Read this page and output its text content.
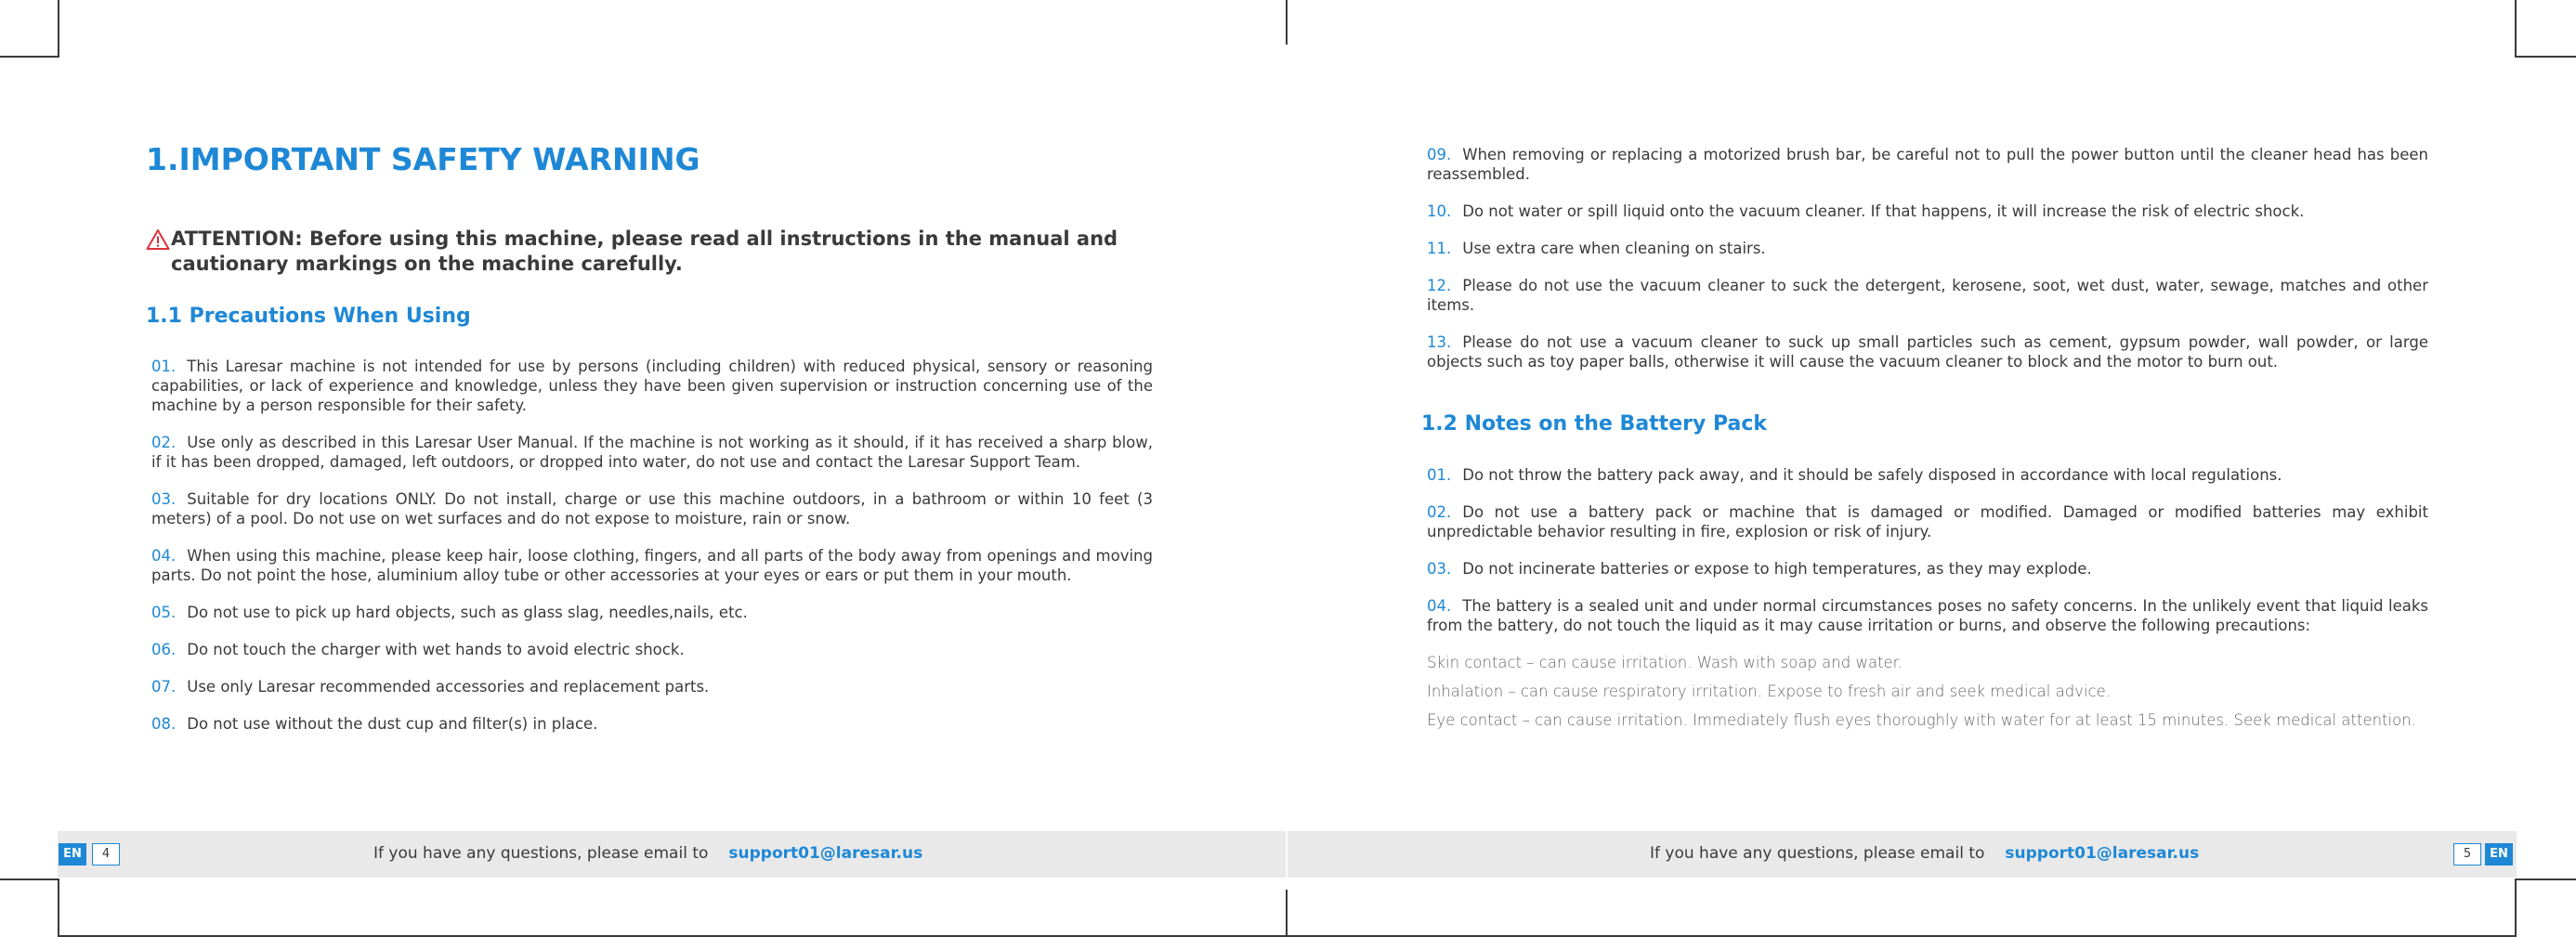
1.IMPORTANT SAFETY WARNING
ATTENTION: Before using this machine, please read all instructions in the manual and
cautionary markings on the machine carefully.
1.1 Precautions When Using

01. This Laresar machine is not intended for use by persons (including children) with reduced physical, sensory or reasoning capabilities, or lack of experience and knowledge, unless they have been given supervision or instruction concerning use of the machine by a person responsible for their safety.

02. Use only as described in this Laresar User Manual. If the machine is not working as it should, if it has received a sharp blow, if it has been dropped, damaged, left outdoors, or dropped into water, do not use and contact the Laresar Support Team.

03. Suitable for dry locations ONLY. Do not install, charge or use this machine outdoors, in a bathroom or within 10 feet (3 meters) of a pool. Do not use on wet surfaces and do not expose to moisture, rain or snow.

04. When using this machine, please keep hair, loose clothing, fingers, and all parts of the body away from openings and moving parts. Do not point the hose, aluminium alloy tube or other accessories at your eyes or ears or put them in your mouth.

05. Do not use to pick up hard objects, such as glass slag, needles,nails, etc.

06. Do not touch the charger with wet hands to avoid electric shock.

07. Use only Laresar recommended accessories and replacement parts.

08. Do not use without the dust cup and filter(s) in place.

EN	4	If you have any questions, please email to support01@laresar.us

09. When removing or replacing a motorized brush bar, be careful not to pull the power button until the cleaner head has been reassembled.

10. Do not water or spill liquid onto the vacuum cleaner. If that happens, it will increase the risk of electric shock.

11. Use extra care when cleaning on stairs.

12. Please do not use the vacuum cleaner to suck the detergent, kerosene, soot, wet dust, water, sewage, matches and other items.

13. Please do not use a vacuum cleaner to suck up small particles such as cement, gypsum powder, wall powder, or large objects such as toy paper balls, otherwise it will cause the vacuum cleaner to block and the motor to burn out.

1.2 Notes on the Battery Pack

01. Do not throw the battery pack away, and it should be safely disposed in accordance with local regulations.

02. Do not use a battery pack or machine that is damaged or modified. Damaged or modified batteries may exhibit unpredictable behavior resulting in fire, explosion or risk of injury.

03. Do not incinerate batteries or expose to high temperatures, as they may explode.

04. The battery is a sealed unit and under normal circumstances poses no safety concerns. In the unlikely event that liquid leaks from the battery, do not touch the liquid as it may cause irritation or burns, and observe the following precautions:

Skin contact – can cause irritation. Wash with soap and water.

Inhalation – can cause respiratory irritation. Expose to fresh air and seek medical advice.

Eye contact – can cause irritation. Immediately flush eyes thoroughly with water for at least 15 minutes. Seek medical attention.

If you have any questions, please email to support01@laresar.us	5	EN
